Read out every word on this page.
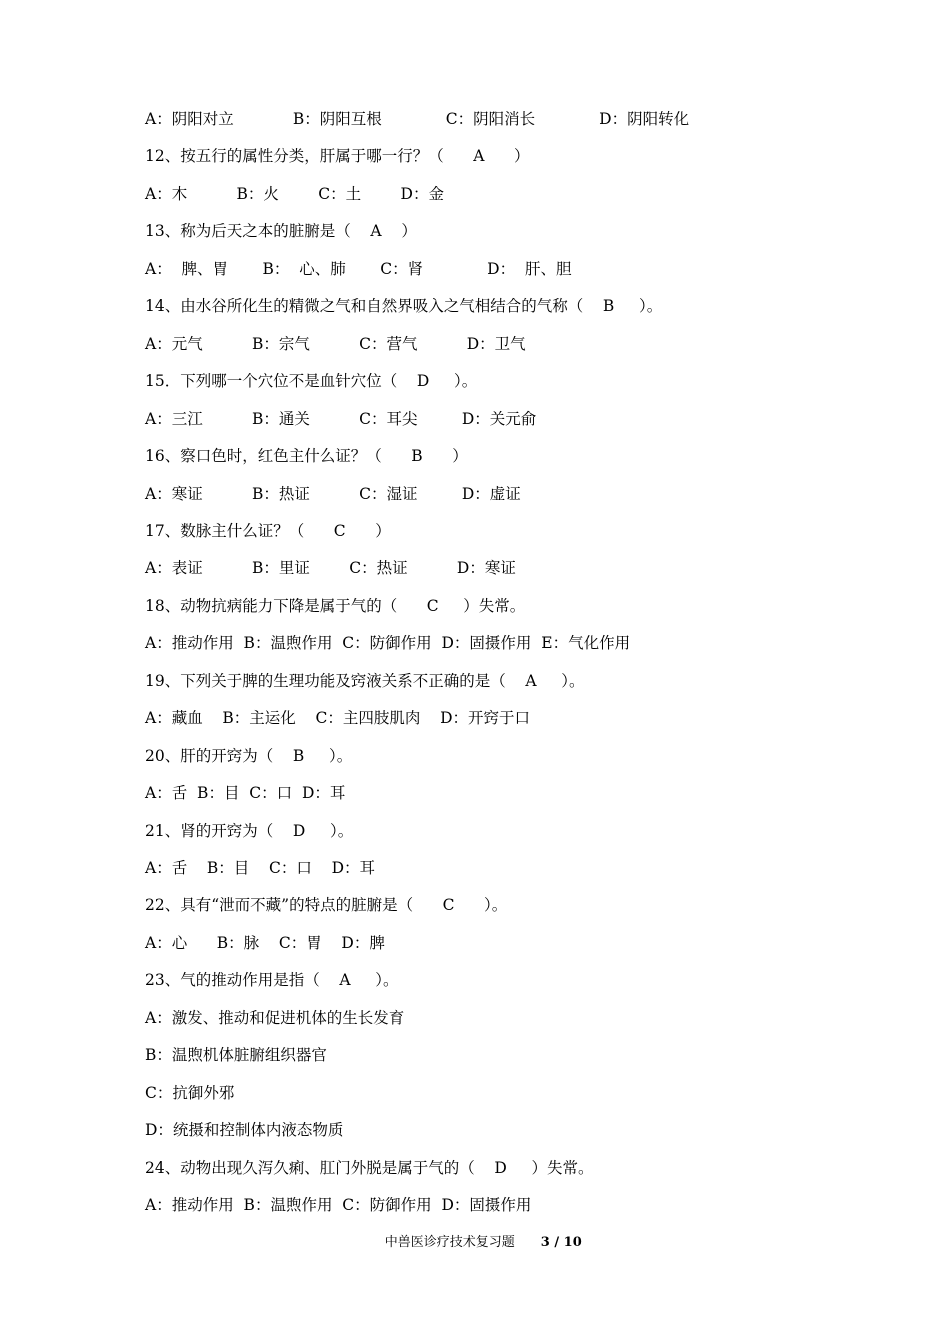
A：阴阳对立            B：阴阳互根             C：阴阳消长             D：阴阳转化
12、按五行的属性分类，肝属于哪一行？（      A      ）
A：木          B：火        C：土        D：金
13、称为后天之本的脏腑是（    A    ）
A：  脾、胃       B：  心、肺       C：肾             D：  肝、胆
14、由水谷所化生的精微之气和自然界吸入之气相结合的气称（    B     ）。
A：元气          B：宗气          C：营气          D：卫气
15．下列哪一个穴位不是血针穴位（    D     ）。
A：三江          B：通关          C：耳尖         D：关元俞
16、察口色时，红色主什么证？（      B      ）
A：寒证          B：热证          C：湿证         D：虚证
17、数脉主什么证？（      C      ）
A：表证          B：里证        C：热证          D：寒证
18、动物抗病能力下降是属于气的（      C     ）失常。
A：推动作用  B：温煦作用  C：防御作用  D：固摄作用  E：气化作用
19、下列关于脾的生理功能及窍液关系不正确的是（    A     ）。
A：藏血    B：主运化    C：主四肢肌肉    D：开窍于口
20、肝的开窍为（    B     ）。
A：舌  B：目  C：口  D：耳
21、肾的开窍为（    D     ）。
A：舌    B：目    C：口    D：耳
22、具有“泄而不藏”的特点的脏腑是（      C      ）。
A：心      B：脉    C：胃    D：脾
23、气的推动作用是指（    A     ）。
A：激发、推动和促进机体的生长发育
B：温煦机体脏腑组织器官
C：抗御外邪
D：统摄和控制体内液态物质
24、动物出现久泻久痢、肛门外脱是属于气的（    D     ）失常。
A：推动作用  B：温煦作用  C：防御作用  D：固摄作用

中兽医诊疗技术复习题 3 / 10
